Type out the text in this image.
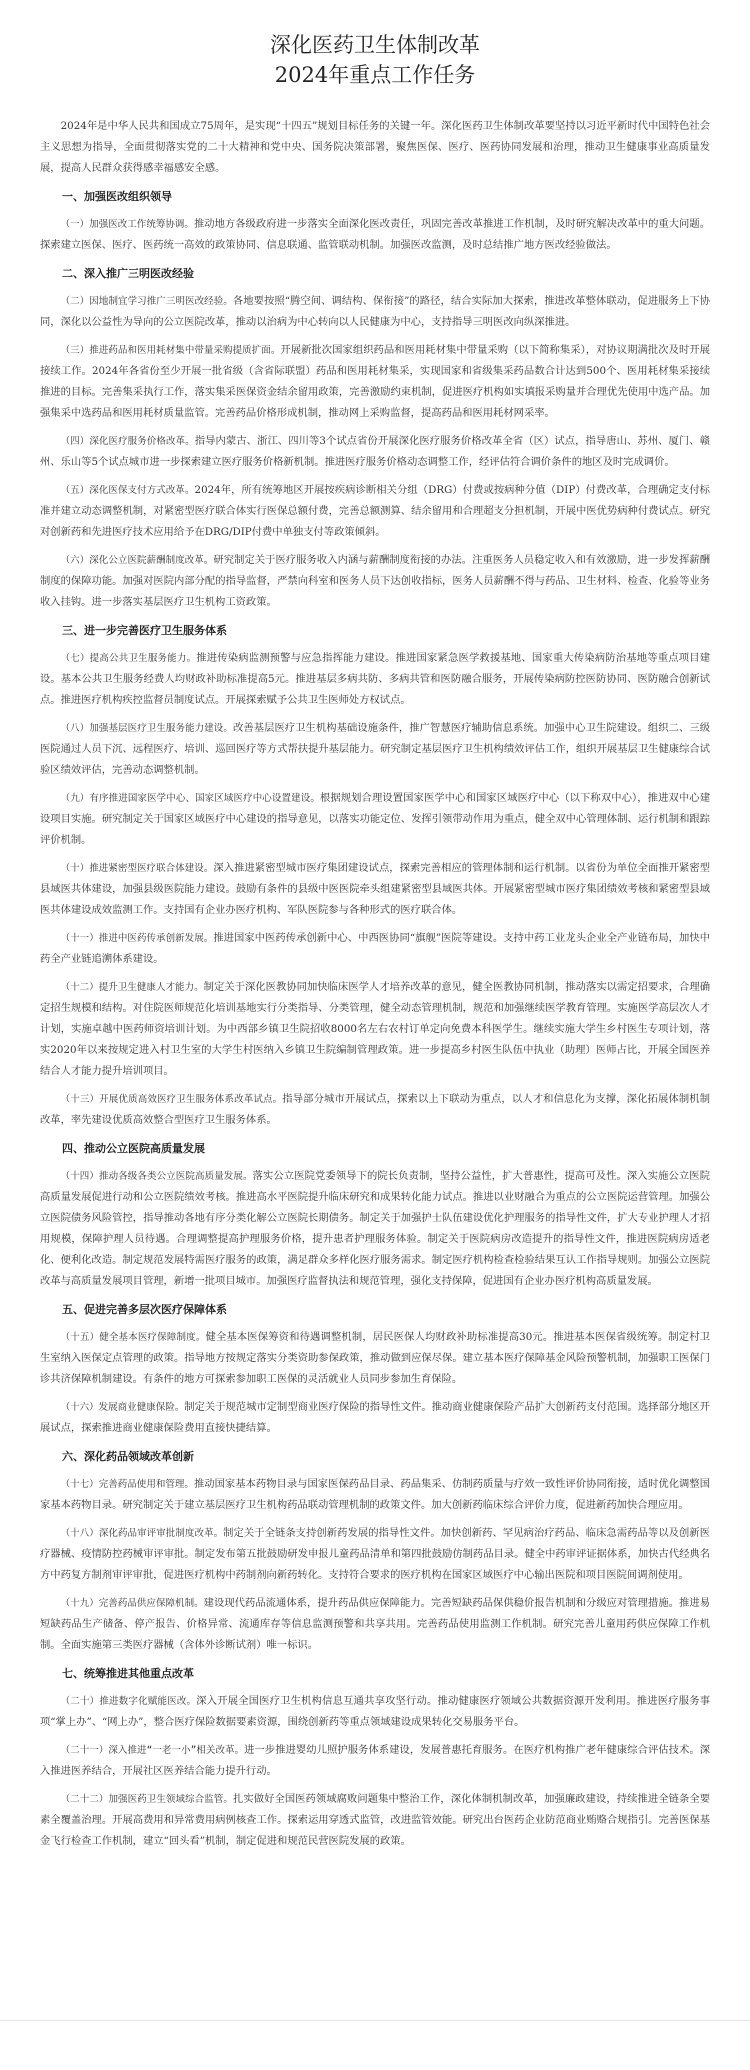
深化医药卫生体制改革
2024年重点工作任务

2024年是中华人民共和国成立75周年，是实现“十四五”规划目标任务的关键一年。深化医药卫生体制改革要坚持以习近平新时代中国特色社会主义思想为指导，全面贯彻落实党的二十大精神和党中央、国务院决策部署，聚焦医保、医疗、医药协同发展和治理，推动卫生健康事业高质量发展，提高人民群众获得感幸福感安全感。

一、加强医改组织领导

（一）加强医改工作统筹协调。推动地方各级政府进一步落实全面深化医改责任，巩固完善改革推进工作机制，及时研究解决改革中的重大问题。探索建立医保、医疗、医药统一高效的政策协同、信息联通、监管联动机制。加强医改监测，及时总结推广地方医改经验做法。

二、深入推广三明医改经验

（二）因地制宜学习推广三明医改经验。各地要按照“腾空间、调结构、保衔接”的路径，结合实际加大探索，推进改革整体联动，促进服务上下协同，深化以公益性为导向的公立医院改革，推动以治病为中心转向以人民健康为中心，支持指导三明医改向纵深推进。

（三）推进药品和医用耗材集中带量采购提质扩面。开展新批次国家组织药品和医用耗材集中带量采购（以下简称集采），对协议期满批次及时开展接续工作。2024年各省份至少开展一批省级（含省际联盟）药品和医用耗材集采，实现国家和省级集采药品数合计达到500个、医用耗材集采接续推进的目标。完善集采执行工作，落实集采医保资金结余留用政策，完善激励约束机制，促进医疗机构如实填报采购量并合理优先使用中选产品。加强集采中选药品和医用耗材质量监管。完善药品价格形成机制，推动网上采购监督，提高药品和医用耗材网采率。

（四）深化医疗服务价格改革。指导内蒙古、浙江、四川等3个试点省份开展深化医疗服务价格改革全省（区）试点，指导唐山、苏州、厦门、赣州、乐山等5个试点城市进一步探索建立医疗服务价格新机制。推进医疗服务价格动态调整工作，经评估符合调价条件的地区及时完成调价。

（五）深化医保支付方式改革。2024年，所有统筹地区开展按疾病诊断相关分组（DRG）付费或按病种分值（DIP）付费改革，合理确定支付标准并建立动态调整机制，对紧密型医疗联合体实行医保总额付费，完善总额测算、结余留用和合理超支分担机制，开展中医优势病种付费试点。研究对创新药和先进医疗技术应用给予在DRG/DIP付费中单独支付等政策倾斜。

（六）深化公立医院薪酬制度改革。研究制定关于医疗服务收入内涵与薪酬制度衔接的办法。注重医务人员稳定收入和有效激励，进一步发挥薪酬制度的保障功能。加强对医院内部分配的指导监督，严禁向科室和医务人员下达创收指标，医务人员薪酬不得与药品、卫生材料、检查、化验等业务收入挂钩。进一步落实基层医疗卫生机构工资政策。

三、进一步完善医疗卫生服务体系

（七）提高公共卫生服务能力。推进传染病监测预警与应急指挥能力建设。推进国家紧急医学救援基地、国家重大传染病防治基地等重点项目建设。基本公共卫生服务经费人均财政补助标准提高5元。推进基层多病共防、多病共管和医防融合服务，开展传染病防控医防协同、医防融合创新试点。推进医疗机构疾控监督员制度试点。开展探索赋予公共卫生医师处方权试点。

（八）加强基层医疗卫生服务能力建设。改善基层医疗卫生机构基础设施条件，推广智慧医疗辅助信息系统。加强中心卫生院建设。组织二、三级医院通过人员下沉、远程医疗、培训、巡回医疗等方式帮扶提升基层能力。研究制定基层医疗卫生机构绩效评估工作，组织开展基层卫生健康综合试验区绩效评估，完善动态调整机制。

（九）有序推进国家医学中心、国家区域医疗中心设置建设。根据规划合理设置国家医学中心和国家区域医疗中心（以下称双中心），推进双中心建设项目实施。研究制定关于国家区域医疗中心建设的指导意见，以落实功能定位、发挥引领带动作用为重点，健全双中心管理体制、运行机制和跟踪评价机制。

（十）推进紧密型医疗联合体建设。深入推进紧密型城市医疗集团建设试点，探索完善相应的管理体制和运行机制。以省份为单位全面推开紧密型县域医共体建设，加强县级医院能力建设。鼓励有条件的县级中医医院牵头组建紧密型县域医共体。开展紧密型城市医疗集团绩效考核和紧密型县域医共体建设成效监测工作。支持国有企业办医疗机构、军队医院参与各种形式的医疗联合体。

（十一）推进中医药传承创新发展。推进国家中医药传承创新中心、中西医协同“旗舰”医院等建设。支持中药工业龙头企业全产业链布局，加快中药全产业链追溯体系建设。

（十二）提升卫生健康人才能力。制定关于深化医教协同加快临床医学人才培养改革的意见，健全医教协同机制，推动落实以需定招要求，合理确定招生规模和结构。对住院医师规范化培训基地实行分类指导、分类管理，健全动态管理机制，规范和加强继续医学教育管理。实施医学高层次人才计划，实施卓越中医药师资培训计划。为中西部乡镇卫生院招收8000名左右农村订单定向免费本科医学生。继续实施大学生乡村医生专项计划，落实2020年以来按规定进入村卫生室的大学生村医纳入乡镇卫生院编制管理政策。进一步提高乡村医生队伍中执业（助理）医师占比，开展全国医养结合人才能力提升培训项目。

（十三）开展优质高效医疗卫生服务体系改革试点。指导部分城市开展试点，探索以上下联动为重点，以人才和信息化为支撑，深化拓展体制机制改革，率先建设优质高效整合型医疗卫生服务体系。

四、推动公立医院高质量发展

（十四）推动各级各类公立医院高质量发展。落实公立医院党委领导下的院长负责制，坚持公益性，扩大普惠性，提高可及性。深入实施公立医院高质量发展促进行动和公立医院绩效考核。推进高水平医院提升临床研究和成果转化能力试点。推进以业财融合为重点的公立医院运营管理。加强公立医院债务风险管控，指导推动各地有序分类化解公立医院长期债务。制定关于加强护士队伍建设优化护理服务的指导性文件，扩大专业护理人才招用规模，保障护理人员待遇。合理调整提高护理服务价格，提升患者护理服务体验。制定关于医院病房改造提升的指导性文件，推进医院病房适老化、便利化改造。制定规范发展特需医疗服务的政策，满足群众多样化医疗服务需求。制定医疗机构检查检验结果互认工作指导规则。加强公立医院改革与高质量发展项目管理，新增一批项目城市。加强医疗监督执法和规范管理，强化支持保障，促进国有企业办医疗机构高质量发展。

五、促进完善多层次医疗保障体系

（十五）健全基本医疗保障制度。健全基本医保筹资和待遇调整机制，居民医保人均财政补助标准提高30元。推进基本医保省级统筹。制定村卫生室纳入医保定点管理的政策。指导地方按规定落实分类资助参保政策，推动做到应保尽保。建立基本医疗保障基金风险预警机制，加强职工医保门诊共济保障机制建设。有条件的地方可探索参加职工医保的灵活就业人员同步参加生育保险。

（十六）发展商业健康保险。制定关于规范城市定制型商业医疗保险的指导性文件。推动商业健康保险产品扩大创新药支付范围。选择部分地区开展试点，探索推进商业健康保险费用直接快捷结算。

六、深化药品领域改革创新

（十七）完善药品使用和管理。推动国家基本药物目录与国家医保药品目录、药品集采、仿制药质量与疗效一致性评价协同衔接，适时优化调整国家基本药物目录。研究制定关于建立基层医疗卫生机构药品联动管理机制的政策文件。加大创新药临床综合评价力度，促进新药加快合理应用。

（十八）深化药品审评审批制度改革。制定关于全链条支持创新药发展的指导性文件。加快创新药、罕见病治疗药品、临床急需药品等以及创新医疗器械、疫情防控药械审评审批。制定发布第五批鼓励研发申报儿童药品清单和第四批鼓励仿制药品目录。健全中药审评证据体系，加快古代经典名方中药复方制剂审评审批，促进医疗机构中药制剂向新药转化。支持符合要求的医疗机构在国家区域医疗中心输出医院和项目医院间调剂使用。

（十九）完善药品供应保障机制。建设现代药品流通体系，提升药品供应保障能力。完善短缺药品保供稳价报告机制和分级应对管理措施。推进易短缺药品生产储备、停产报告、价格异常、流通库存等信息监测预警和共享共用。完善药品使用监测工作机制。研究完善儿童用药供应保障工作机制。全面实施第三类医疗器械（含体外诊断试剂）唯一标识。

七、统筹推进其他重点改革

（二十）推进数字化赋能医改。深入开展全国医疗卫生机构信息互通共享攻坚行动。推动健康医疗领域公共数据资源开发利用。推进医疗服务事项“掌上办”、“网上办”，整合医疗保险数据要素资源，围绕创新药等重点领域建设成果转化交易服务平台。

（二十一）深入推进“一老一小”相关改革。进一步推进婴幼儿照护服务体系建设，发展普惠托育服务。在医疗机构推广老年健康综合评估技术。深入推进医养结合，开展社区医养结合能力提升行动。

（二十二）加强医药卫生领域综合监管。扎实做好全国医药领域腐败问题集中整治工作，深化体制机制改革，加强廉政建设，持续推进全链条全要素全覆盖治理。开展高费用和异常费用病例核查工作。探索运用穿透式监管，改进监管效能。研究出台医药企业防范商业贿赂合规指引。完善医保基金飞行检查工作机制，建立“回头看”机制，制定促进和规范民营医院发展的政策。
